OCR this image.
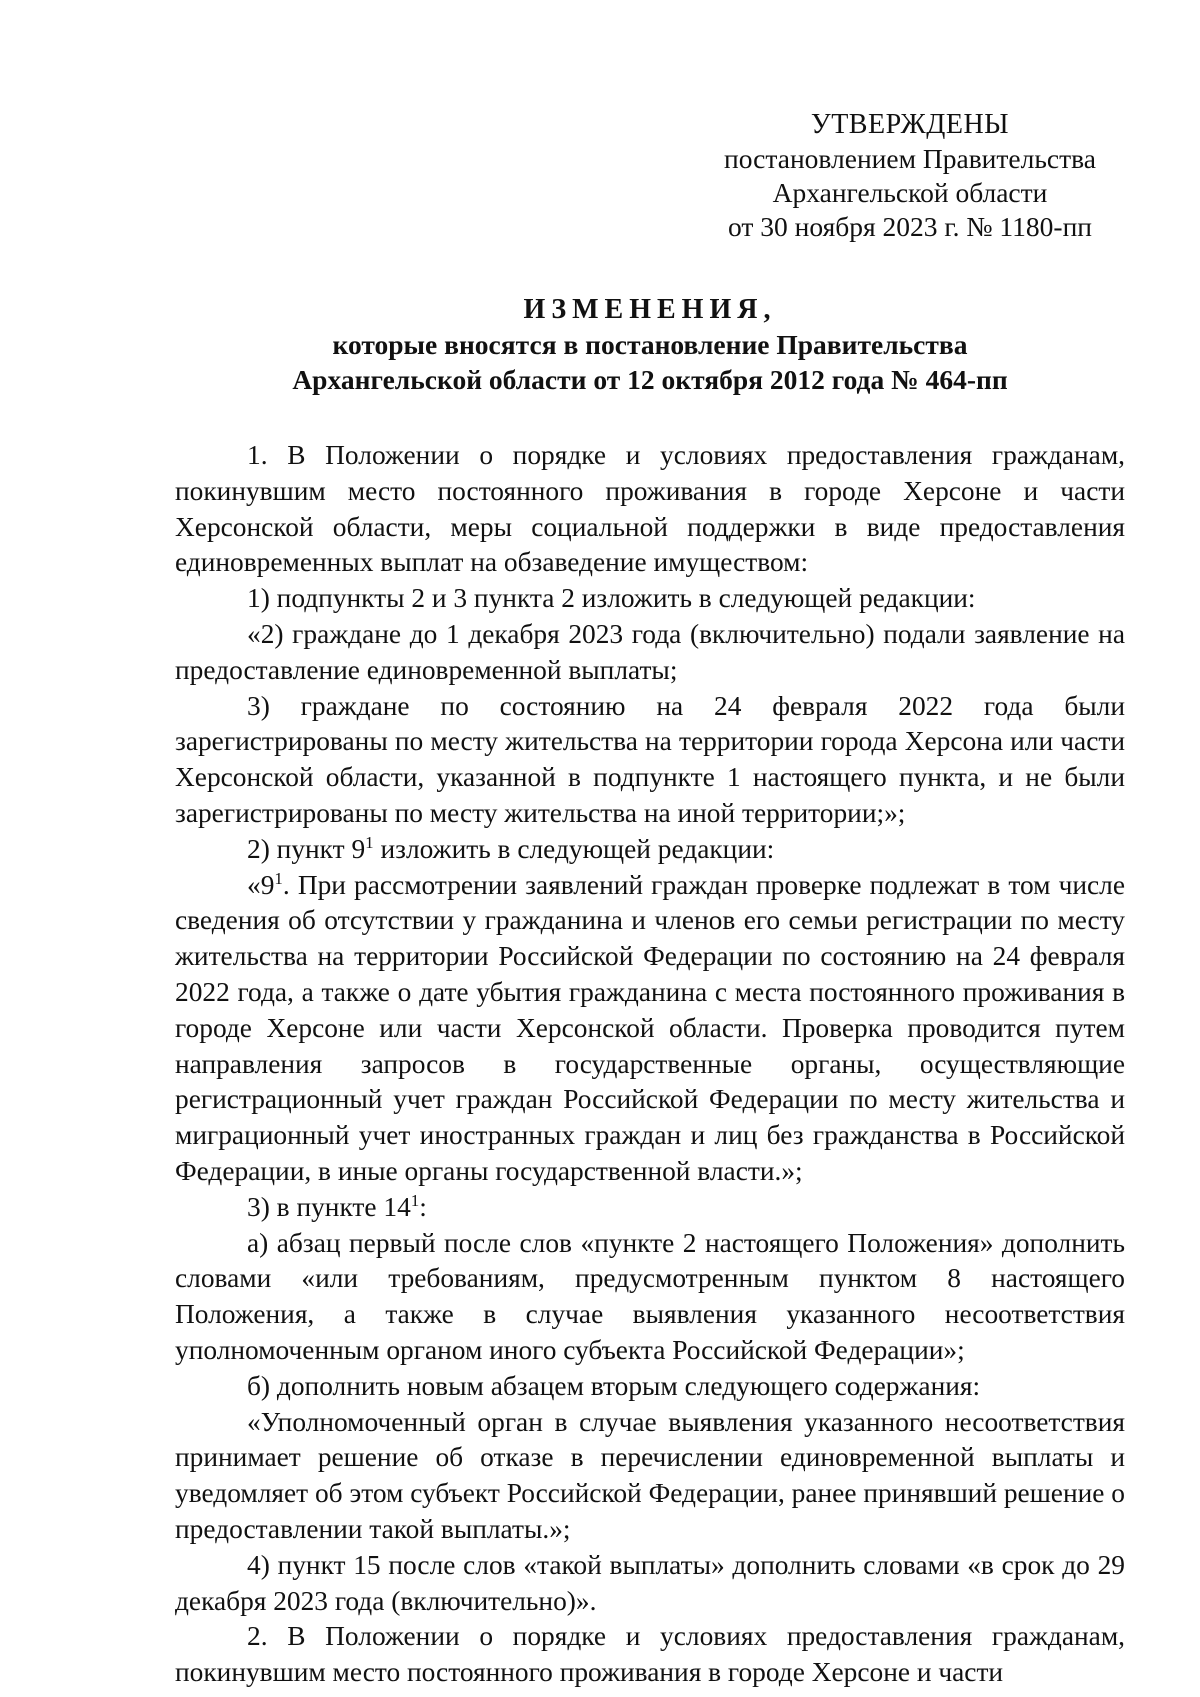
УТВЕРЖДЕНЫ
постановлением Правительства
Архангельской области
от 30 ноября 2023 г. № 1180-пп
ИЗМЕНЕНИЯ,
которые вносятся в постановление Правительства
Архангельской области от 12 октября 2012 года № 464-пп

1. В Положении о порядке и условиях предоставления гражданам, покинувшим место постоянного проживания в городе Херсоне и части Херсонской области, меры социальной поддержки в виде предоставления единовременных выплат на обзаведение имуществом:

1) подпункты 2 и 3 пункта 2 изложить в следующей редакции:

«2) граждане до 1 декабря 2023 года (включительно) подали заявление на предоставление единовременной выплаты;

3) граждане по состоянию на 24 февраля 2022 года были зарегистрированы по месту жительства на территории города Херсона или части Херсонской области, указанной в подпункте 1 настоящего пункта, и не были зарегистрированы по месту жительства на иной территории;»;

2) пункт $9^1$ изложить в следующей редакции:

«$9^1$. При рассмотрении заявлений граждан проверке подлежат в том числе сведения об отсутствии у гражданина и членов его семьи регистрации по месту жительства на территории Российской Федерации по состоянию на 24 февраля 2022 года, а также о дате убытия гражданина с места постоянного проживания в городе Херсоне или части Херсонской области. Проверка проводится путем направления запросов в государственные органы, осуществляющие регистрационный учет граждан Российской Федерации по месту жительства и миграционный учет иностранных граждан и лиц без гражданства в Российской Федерации, в иные органы государственной власти.»;

3) в пункте $14^1$:

а) абзац первый после слов «пункте 2 настоящего Положения» дополнить словами «или требованиям, предусмотренным пунктом 8 настоящего Положения, а также в случае выявления указанного несоответствия уполномоченным органом иного субъекта Российской Федерации»;

б) дополнить новым абзацем вторым следующего содержания:

«Уполномоченный орган в случае выявления указанного несоответствия принимает решение об отказе в перечислении единовременной выплаты и уведомляет об этом субъект Российской Федерации, ранее принявший решение о предоставлении такой выплаты.»;

4) пункт 15 после слов «такой выплаты» дополнить словами «в срок до 29 декабря 2023 года (включительно)».

2. В Положении о порядке и условиях предоставления гражданам, покинувшим место постоянного проживания в городе Херсоне и части
